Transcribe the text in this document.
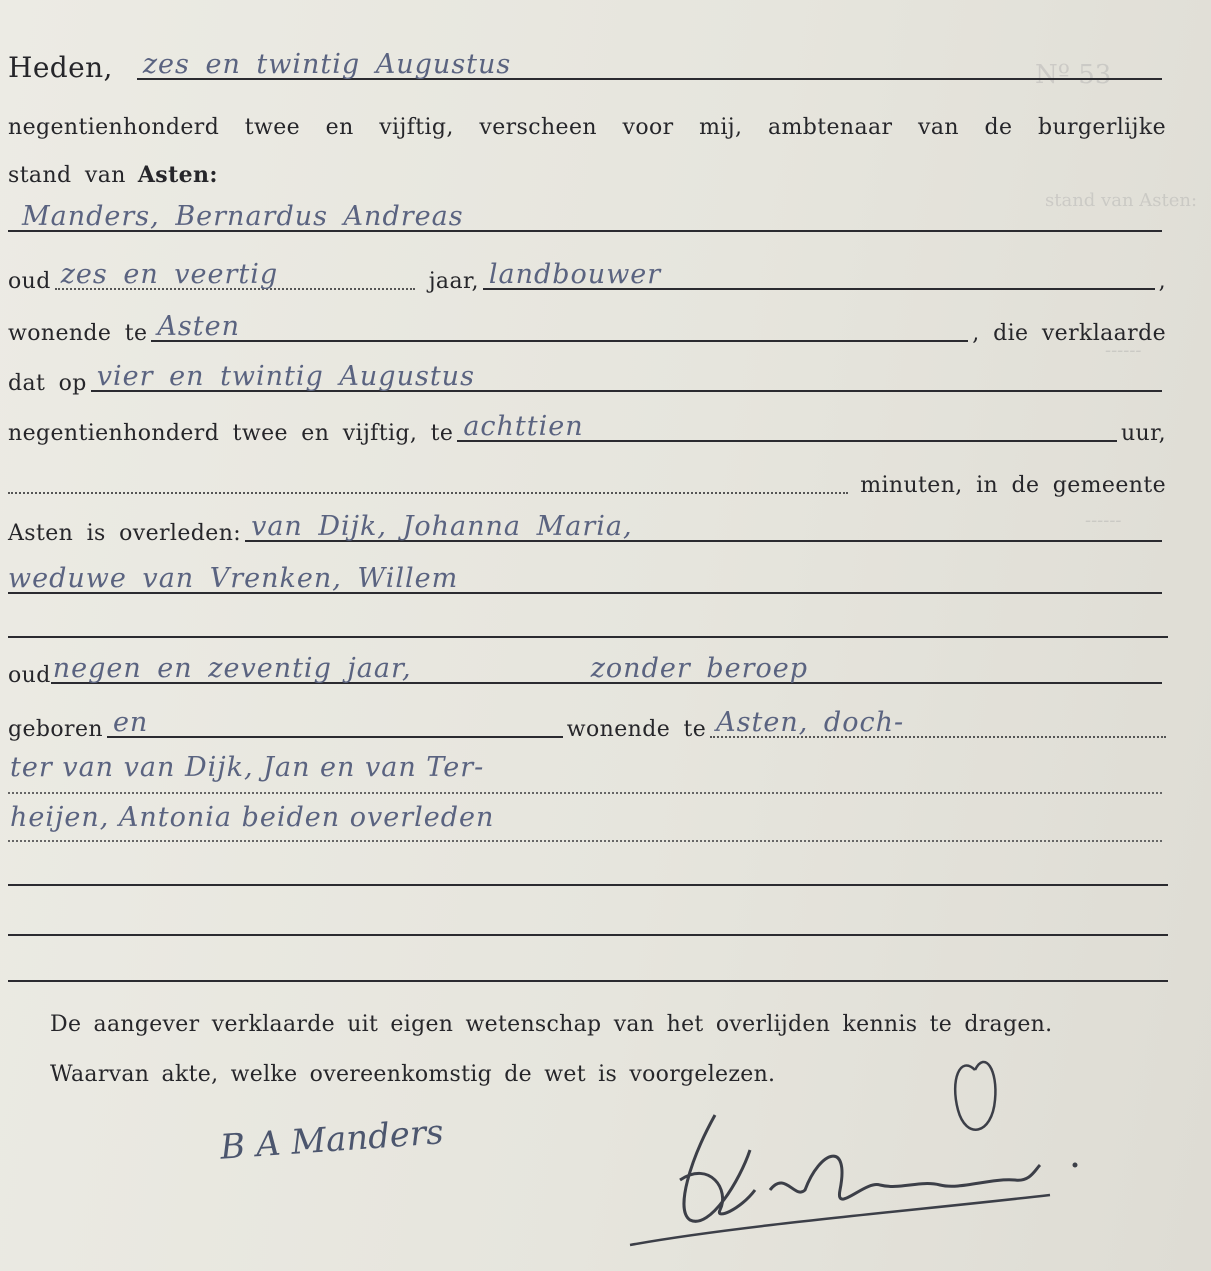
Nº 53
stand van Asten:
------
------
Heden, zes en twintig Augustus
negentienhonderd twee en vijftig, verscheen voor mij, ambtenaar van de burgerlijke
stand van Asten:
Manders, Bernardus Andreas
oud zes en veertig	jaar, landbouwer	,
wonende te Asten	, die verklaarde
dat op vier en twintig Augustus
negentienhonderd twee en vijftig, te achttien	uur,
minuten, in de gemeente
Asten is overleden: van Dijk, Johanna Maria,
weduwe van Vrenken, Willem
oud negen en zeventig jaar,	zonder beroep
geboren en	wonende te Asten, doch-
ter van van Dijk, Jan en van Ter-
heijen, Antonia beiden overleden
De aangever verklaarde uit eigen wetenschap van het overlijden kennis te dragen.
Waarvan akte, welke overeenkomstig de wet is voorgelezen.
B A Manders
